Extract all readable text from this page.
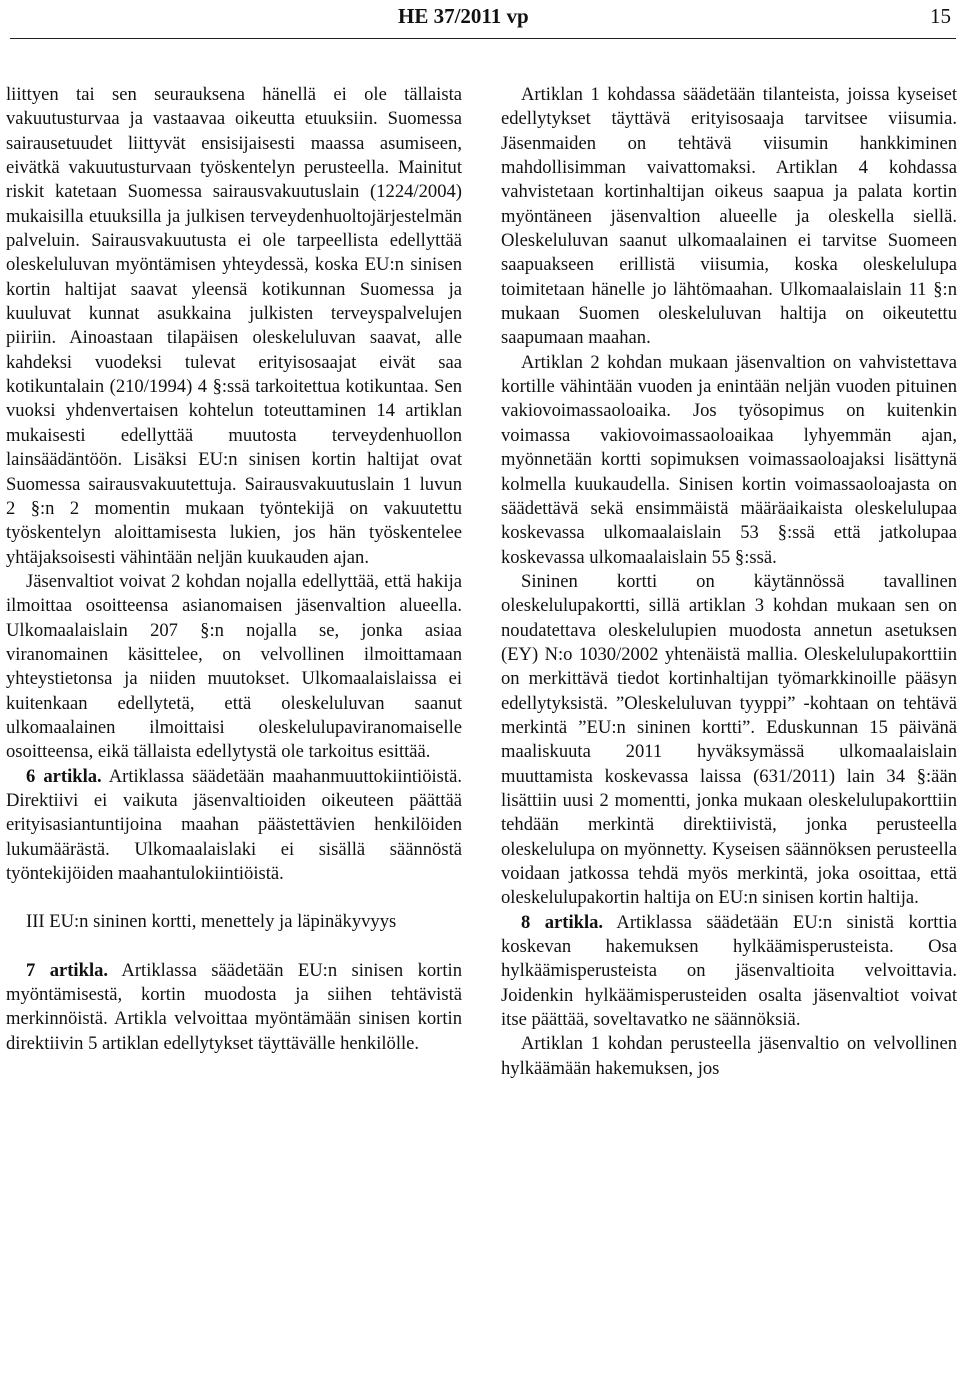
HE 37/2011 vp	15

liittyen tai sen seurauksena hänellä ei ole tällaista vakuutusturvaa ja vastaavaa oikeutta etuuksiin. Suomessa sairausetuudet liittyvät ensisijaisesti maassa asumiseen, eivätkä vakuutusturvaan työskentelyn perusteella. Mainitut riskit katetaan Suomessa sairausvakuutuslain (1224/2004) mukaisilla etuuksilla ja julkisen terveydenhuoltojärjestelmän palveluin. Sairausvakuutusta ei ole tarpeellista edellyttää oleskeluluvan myöntämisen yhteydessä, koska EU:n sinisen kortin haltijat saavat yleensä kotikunnan Suomessa ja kuuluvat kunnat asukkaina julkisten terveyspalvelujen piiriin. Ainoastaan tilapäisen oleskeluluvan saavat, alle kahdeksi vuodeksi tulevat erityisosaajat eivät saa kotikuntalain (210/1994) 4 §:ssä tarkoitettua kotikuntaa. Sen vuoksi yhdenvertaisen kohtelun toteuttaminen 14 artiklan mukaisesti edellyttää muutosta terveydenhuollon lainsäädäntöön. Lisäksi EU:n sinisen kortin haltijat ovat Suomessa sairausvakuutettuja. Sairausvakuutuslain 1 luvun 2 §:n 2 momentin mukaan työntekijä on vakuutettu työskentelyn aloittamisesta lukien, jos hän työskentelee yhtäjaksoisesti vähintään neljän kuukauden ajan.

Jäsenvaltiot voivat 2 kohdan nojalla edellyttää, että hakija ilmoittaa osoitteensa asianomaisen jäsenvaltion alueella. Ulkomaalaislain 207 §:n nojalla se, jonka asiaa viranomainen käsittelee, on velvollinen ilmoittamaan yhteystietonsa ja niiden muutokset. Ulkomaalaislaissa ei kuitenkaan edellytetä, että oleskeluluvan saanut ulkomaalainen ilmoittaisi oleskelulupaviranomaiselle osoitteensa, eikä tällaista edellytystä ole tarkoitus esittää.

6 artikla. Artiklassa säädetään maahanmuuttokiintiöistä. Direktiivi ei vaikuta jäsenvaltioiden oikeuteen päättää erityisasiantuntijoina maahan päästettävien henkilöiden lukumäärästä. Ulkomaalaislaki ei sisällä säännöstä työntekijöiden maahantulokiintiöistä.

III EU:n sininen kortti, menettely ja läpinäkyvyys

7 artikla. Artiklassa säädetään EU:n sinisen kortin myöntämisestä, kortin muodosta ja siihen tehtävistä merkinnöistä. Artikla velvoittaa myöntämään sinisen kortin direktiivin 5 artiklan edellytykset täyttävälle henkilölle.

Artiklan 1 kohdassa säädetään tilanteista, joissa kyseiset edellytykset täyttävä erityisosaaja tarvitsee viisumia. Jäsenmaiden on tehtävä viisumin hankkiminen mahdollisimman vaivattomaksi. Artiklan 4 kohdassa vahvistetaan kortinhaltijan oikeus saapua ja palata kortin myöntäneen jäsenvaltion alueelle ja oleskella siellä. Oleskeluluvan saanut ulkomaalainen ei tarvitse Suomeen saapuakseen erillistä viisumia, koska oleskelulupa toimitetaan hänelle jo lähtömaahan. Ulkomaalaislain 11 §:n mukaan Suomen oleskeluluvan haltija on oikeutettu saapumaan maahan.

Artiklan 2 kohdan mukaan jäsenvaltion on vahvistettava kortille vähintään vuoden ja enintään neljän vuoden pituinen vakiovoimassaoloaika. Jos työsopimus on kuitenkin voimassa vakiovoimassaoloaikaa lyhyemmän ajan, myönnetään kortti sopimuksen voimassaoloajaksi lisättynä kolmella kuukaudella. Sinisen kortin voimassaoloajasta on säädettävä sekä ensimmäistä määräaikaista oleskelulupaa koskevassa ulkomaalaislain 53 §:ssä että jatkolupaa koskevassa ulkomaalaislain 55 §:ssä.

Sininen kortti on käytännössä tavallinen oleskelulupakortti, sillä artiklan 3 kohdan mukaan sen on noudatettava oleskelulupien muodosta annetun asetuksen (EY) N:o 1030/2002 yhtenäistä mallia. Oleskelulupakorttiin on merkittävä tiedot kortinhaltijan työmarkkinoille pääsyn edellytyksistä. ”Oleskeluluvan tyyppi” -kohtaan on tehtävä merkintä ”EU:n sininen kortti”. Eduskunnan 15 päivänä maaliskuuta 2011 hyväksymässä ulkomaalaislain muuttamista koskevassa laissa (631/2011) lain 34 §:ään lisättiin uusi 2 momentti, jonka mukaan oleskelulupakorttiin tehdään merkintä direktiivistä, jonka perusteella oleskelulupa on myönnetty. Kyseisen säännöksen perusteella voidaan jatkossa tehdä myös merkintä, joka osoittaa, että oleskelulupakortin haltija on EU:n sinisen kortin haltija.

8 artikla. Artiklassa säädetään EU:n sinistä korttia koskevan hakemuksen hylkäämisperusteista. Osa hylkäämisperusteista on jäsenvaltioita velvoittavia. Joidenkin hylkäämisperusteiden osalta jäsenvaltiot voivat itse päättää, soveltavatko ne säännöksiä.

Artiklan 1 kohdan perusteella jäsenvaltio on velvollinen hylkäämään hakemuksen, jos
